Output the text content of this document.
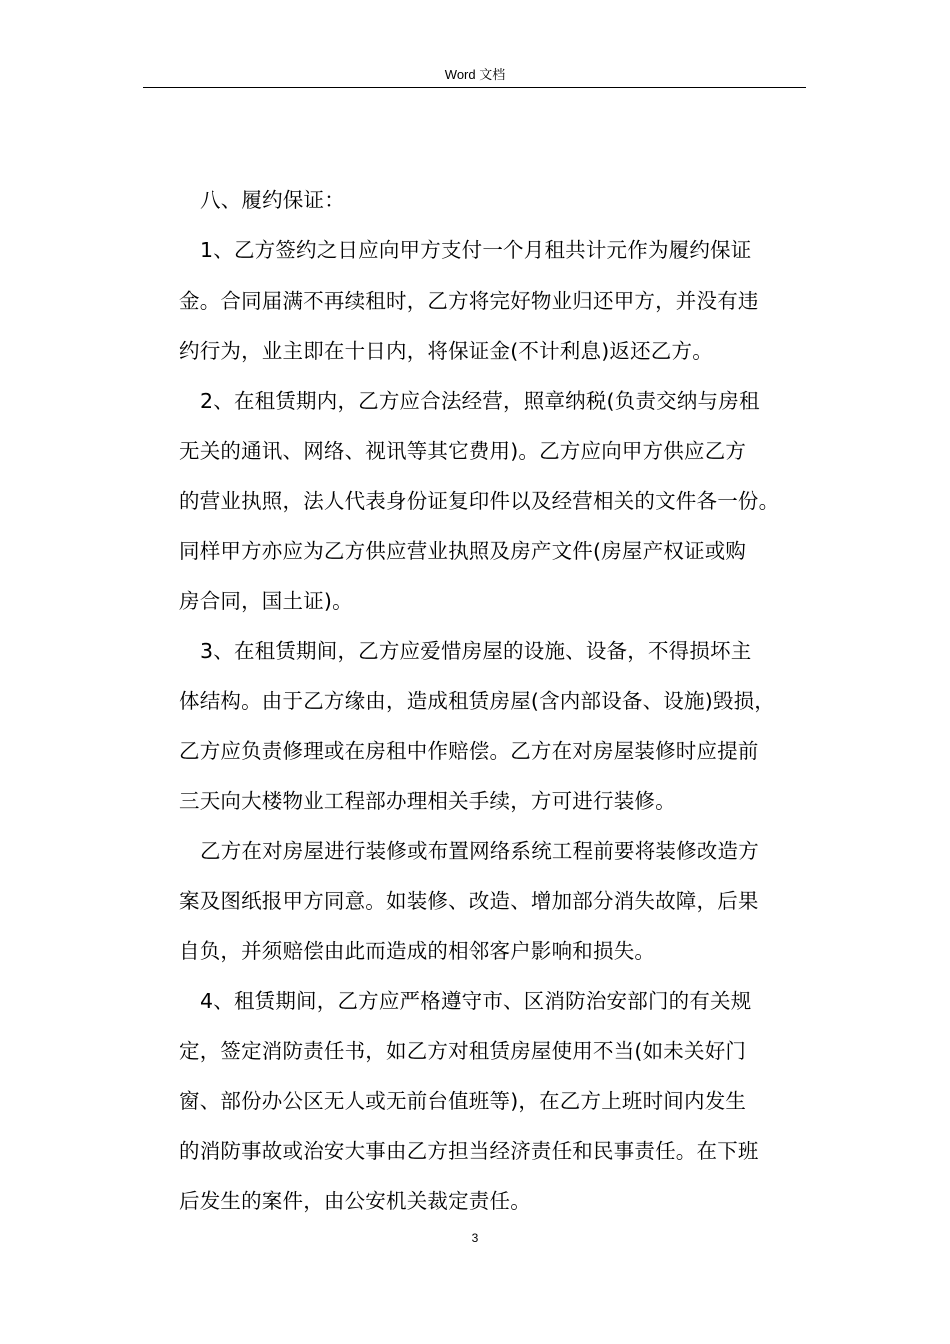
Word 文档
八、履约保证：
1、乙方签约之日应向甲方支付一个月租共计元作为履约保证
金。合同届满不再续租时，乙方将完好物业归还甲方，并没有违
约行为，业主即在十日内，将保证金(不计利息)返还乙方。
2、在租赁期内，乙方应合法经营，照章纳税(负责交纳与房租
无关的通讯、网络、视讯等其它费用)。乙方应向甲方供应乙方
的营业执照，法人代表身份证复印件以及经营相关的文件各一份。
同样甲方亦应为乙方供应营业执照及房产文件(房屋产权证或购
房合同，国土证)。
3、在租赁期间，乙方应爱惜房屋的设施、设备，不得损坏主
体结构。由于乙方缘由，造成租赁房屋(含内部设备、设施)毁损，
乙方应负责修理或在房租中作赔偿。乙方在对房屋装修时应提前
三天向大楼物业工程部办理相关手续，方可进行装修。
乙方在对房屋进行装修或布置网络系统工程前要将装修改造方
案及图纸报甲方同意。如装修、改造、增加部分消失故障，后果
自负，并须赔偿由此而造成的相邻客户影响和损失。
4、租赁期间，乙方应严格遵守市、区消防治安部门的有关规
定，签定消防责任书，如乙方对租赁房屋使用不当(如未关好门
窗、部份办公区无人或无前台值班等)，在乙方上班时间内发生
的消防事故或治安大事由乙方担当经济责任和民事责任。在下班
后发生的案件，由公安机关裁定责任。
3
